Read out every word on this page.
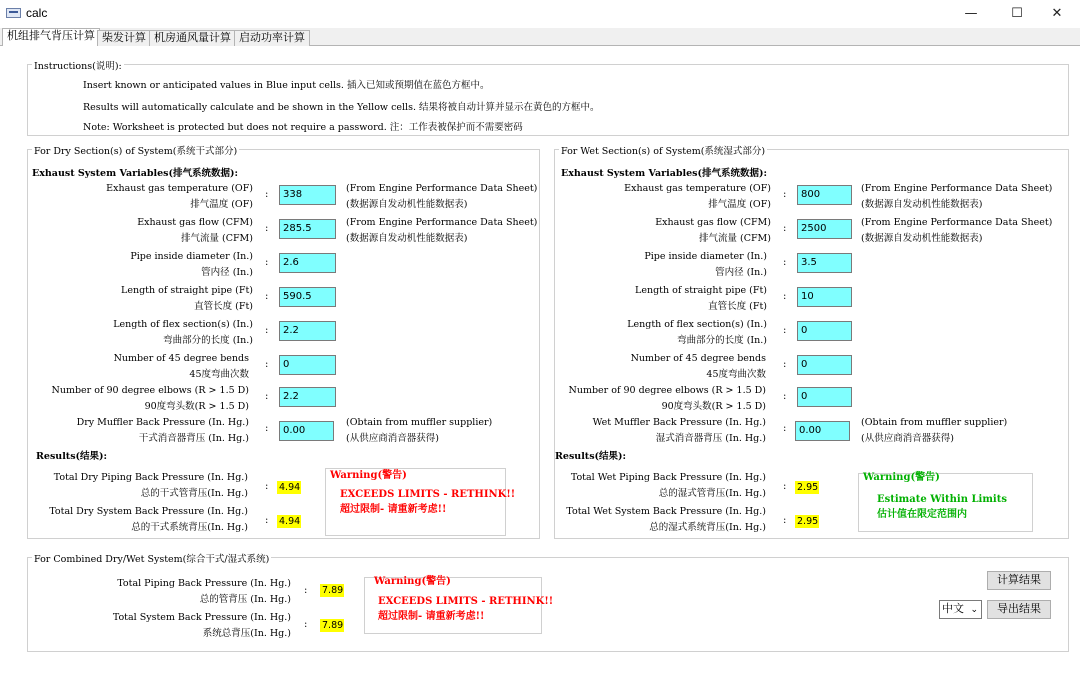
calc	—	☐	✕
机组排气背压计算 柴发计算 机房通风量计算 启动功率计算
Instructions(说明):
Insert known or anticipated values in Blue input cells. 插入已知或预期值在蓝色方框中。
Results will automatically calculate and be shown in the Yellow cells. 结果将被自动计算并显示在黄色的方框中。
Note: Worksheet is protected but does not require a password. 注：工作表被保护而不需要密码
For Dry Section(s) of System(系统干式部分)
Exhaust System Variables(排气系统数据):
Exhaust gas temperature (OF)
排气温度 (OF)
:	338
(From Engine Performance Data Sheet)
(数据源自发动机性能数据表)
Exhaust gas flow (CFM)
排气流量 (CFM)
:	285.5
(From Engine Performance Data Sheet)
(数据源自发动机性能数据表)
Pipe inside diameter (In.)
管内径 (In.)
:	2.6
Length of straight pipe (Ft)
直管长度 (Ft)
:	590.5
Length of flex section(s) (In.)
弯曲部分的长度 (In.)
:	2.2
Number of 45 degree bends
45度弯曲次数
:	0
Number of 90 degree elbows (R > 1.5 D)
90度弯头数(R > 1.5 D)
:	2.2
Dry Muffler Back Pressure (In. Hg.)
干式消音器背压 (In. Hg.)
:	0.00
(Obtain from muffler supplier)
(从供应商消音器获得)
Results(结果):
Total Dry Piping Back Pressure (In. Hg.)
总的干式管背压(In. Hg.)
: 4.94
Total Dry System Back Pressure (In. Hg.)
总的干式系统背压(In. Hg.)
: 4.94
Warning(警告)
EXCEEDS LIMITS - RETHINK!!
超过限制- 请重新考虑!!
For Wet Section(s) of System(系统湿式部分)
Exhaust System Variables(排气系统数据):
Exhaust gas temperature (OF)
排气温度 (OF)
:	800
(From Engine Performance Data Sheet)
(数据源自发动机性能数据表)
Exhaust gas flow (CFM)
排气流量 (CFM)
:	2500
(From Engine Performance Data Sheet)
(数据源自发动机性能数据表)
Pipe inside diameter (In.)
管内径 (In.)
:	3.5
Length of straight pipe (Ft)
直管长度 (Ft)
:	10
Length of flex section(s) (In.)
弯曲部分的长度 (In.)
:	0
Number of 45 degree bends
45度弯曲次数
:	0
Number of 90 degree elbows (R > 1.5 D)
90度弯头数(R > 1.5 D)
:	0
Wet Muffler Back Pressure (In. Hg.)
湿式消音器背压 (In. Hg.)
:	0.00
(Obtain from muffler supplier)
(从供应商消音器获得)
Results(结果):
Total Wet Piping Back Pressure (In. Hg.)
总的湿式管背压(In. Hg.)
: 2.95
Total Wet System Back Pressure (In. Hg.)
总的湿式系统背压(In. Hg.)
: 2.95
Warning(警告)
Estimate Within Limits
估计值在限定范围内
For Combined Dry/Wet System(综合干式/湿式系统)
Total Piping Back Pressure (In. Hg.)
总的管背压 (In. Hg.)
: 7.89
Total System Back Pressure (In. Hg.)
系统总背压(In. Hg.)
: 7.89
Warning(警告)
EXCEEDS LIMITS - RETHINK!!
超过限制- 请重新考虑!!
计算结果
中文 ⌄	导出结果
